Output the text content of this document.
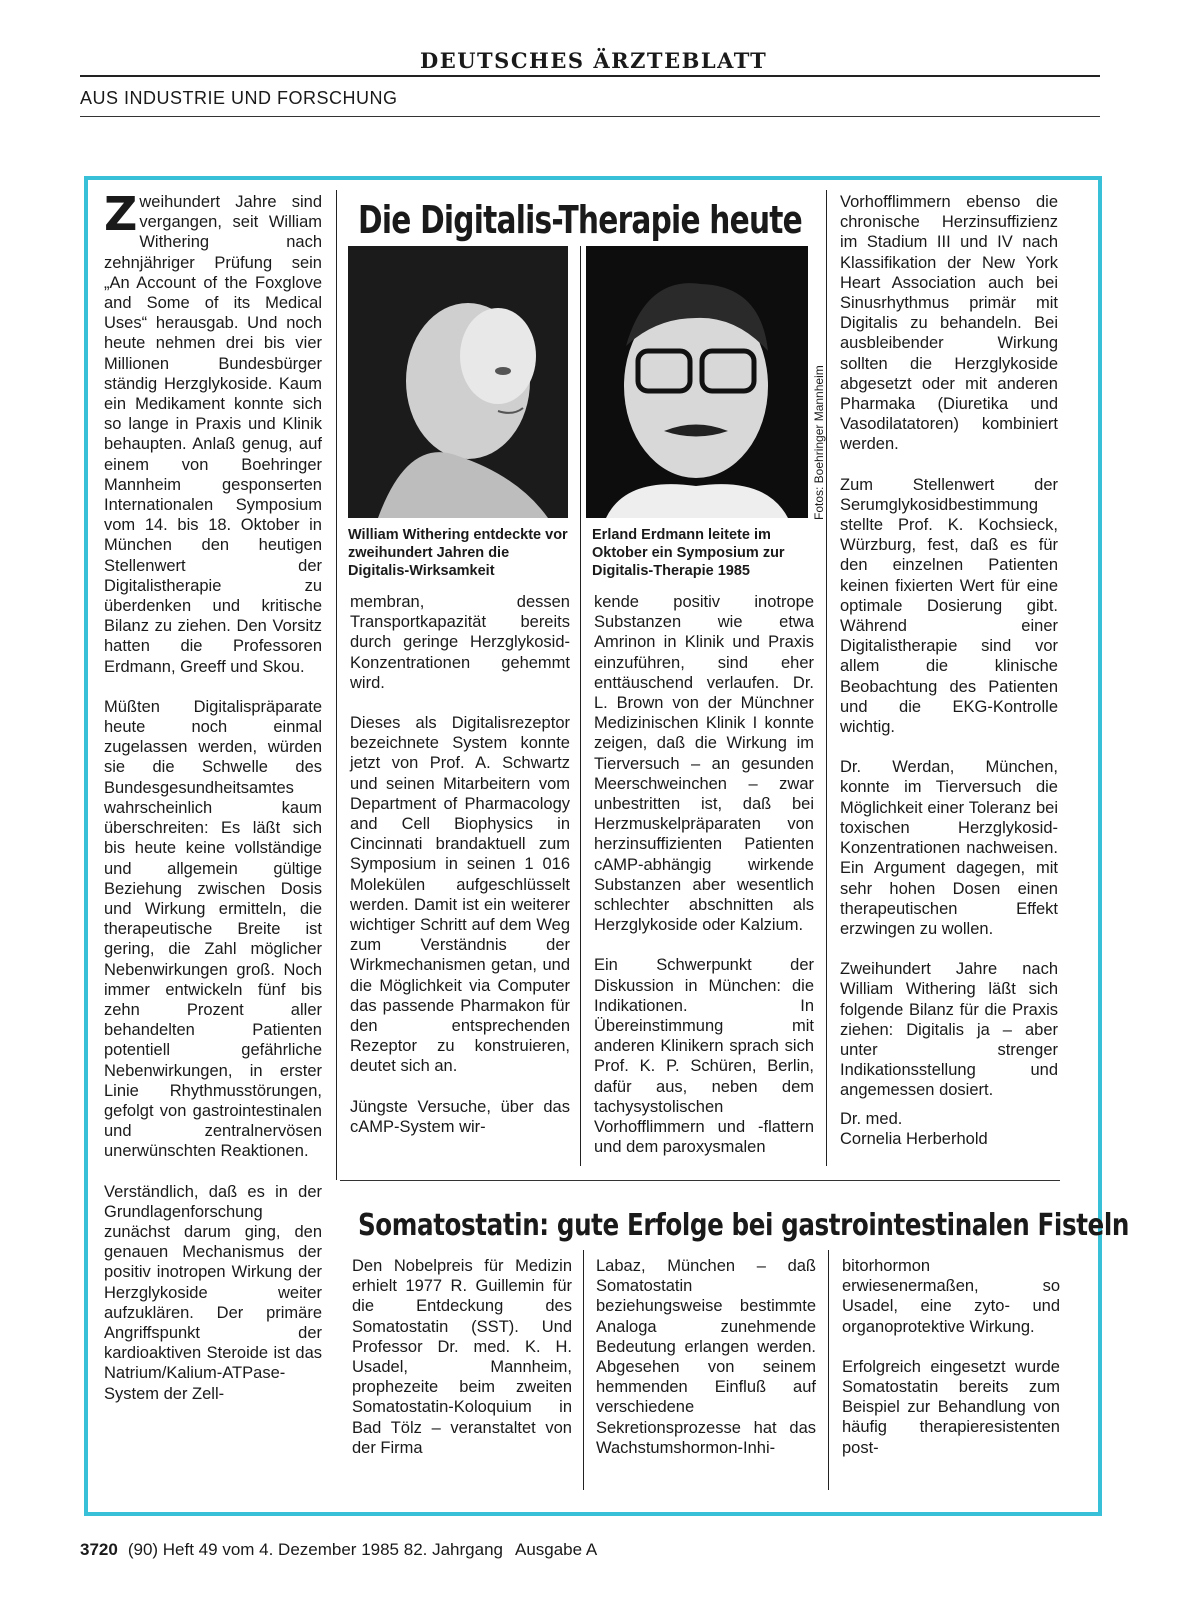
DEUTSCHES ÄRZTEBLATT
AUS INDUSTRIE UND FORSCHUNG

Zweihundert Jahre sind vergangen, seit William Withering nach zehnjähriger Prüfung sein „An Account of the Foxglove and Some of its Medical Uses“ herausgab. Und noch heute nehmen drei bis vier Millionen Bundesbürger ständig Herzglykoside. Kaum ein Medikament konnte sich so lange in Praxis und Klinik behaupten. Anlaß genug, auf einem von Boehringer Mannheim gesponserten Internationalen Symposium vom 14. bis 18. Oktober in München den heutigen Stellenwert der Digitalistherapie zu überdenken und kritische Bilanz zu ziehen. Den Vorsitz hatten die Professoren Erdmann, Greeff und Skou.

Müßten Digitalispräparate heute noch einmal zugelassen werden, würden sie die Schwelle des Bundesgesundheitsamtes wahrscheinlich kaum überschreiten: Es läßt sich bis heute keine vollständige und allgemein gültige Beziehung zwischen Dosis und Wirkung ermitteln, die therapeutische Breite ist gering, die Zahl möglicher Nebenwirkungen groß. Noch immer entwickeln fünf bis zehn Prozent aller behandelten Patienten potentiell gefährliche Nebenwirkungen, in erster Linie Rhythmusstörungen, gefolgt von gastrointestinalen und zentralnervösen unerwünschten Reaktionen.

Verständlich, daß es in der Grundlagenforschung zunächst darum ging, den genauen Mechanismus der positiv inotropen Wirkung der Herzglykoside weiter aufzuklären. Der primäre Angriffspunkt der kardioaktiven Steroide ist das Natrium/Kalium-ATPase-System der Zell-

Die Digitalis-Therapie heute
Fotos: Boehringer Mannheim
William Withering entdeckte vor zweihundert Jahren die Digitalis-Wirksamkeit
Erland Erdmann leitete im Oktober ein Symposium zur Digitalis-Therapie 1985

membran, dessen Transportkapazität bereits durch geringe Herzglykosid-Konzentrationen gehemmt wird.

Dieses als Digitalisrezeptor bezeichnete System konnte jetzt von Prof. A. Schwartz und seinen Mitarbeitern vom Department of Pharmacology and Cell Biophysics in Cincinnati brandaktuell zum Symposium in seinen 1 016 Molekülen aufgeschlüsselt werden. Damit ist ein weiterer wichtiger Schritt auf dem Weg zum Verständnis der Wirkmechanismen getan, und die Möglichkeit via Computer das passende Pharmakon für den entsprechenden Rezeptor zu konstruieren, deutet sich an.

Jüngste Versuche, über das cAMP-System wir-

kende positiv inotrope Substanzen wie etwa Amrinon in Klinik und Praxis einzuführen, sind eher enttäuschend verlaufen. Dr. L. Brown von der Münchner Medizinischen Klinik I konnte zeigen, daß die Wirkung im Tierversuch – an gesunden Meerschweinchen – zwar unbestritten ist, daß bei Herzmuskelpräparaten von herzinsuffizienten Patienten cAMP-abhängig wirkende Substanzen aber wesentlich schlechter abschnitten als Herzglykoside oder Kalzium.

Ein Schwerpunkt der Diskussion in München: die Indikationen. In Übereinstimmung mit anderen Klinikern sprach sich Prof. K. P. Schüren, Berlin, dafür aus, neben dem tachysystolischen Vorhofflimmern und -flattern und dem paroxysmalen

Vorhofflimmern ebenso die chronische Herzinsuffizienz im Stadium III und IV nach Klassifikation der New York Heart Association auch bei Sinusrhythmus primär mit Digitalis zu behandeln. Bei ausbleibender Wirkung sollten die Herzglykoside abgesetzt oder mit anderen Pharmaka (Diuretika und Vasodilatatoren) kombiniert werden.

Zum Stellenwert der Serumglykosidbestimmung stellte Prof. K. Kochsieck, Würzburg, fest, daß es für den einzelnen Patienten keinen fixierten Wert für eine optimale Dosierung gibt. Während einer Digitalistherapie sind vor allem die klinische Beobachtung des Patienten und die EKG-Kontrolle wichtig.

Dr. Werdan, München, konnte im Tierversuch die Möglichkeit einer Toleranz bei toxischen Herzglykosid-Konzentrationen nachweisen. Ein Argument dagegen, mit sehr hohen Dosen einen therapeutischen Effekt erzwingen zu wollen.

Zweihundert Jahre nach William Withering läßt sich folgende Bilanz für die Praxis ziehen: Digitalis ja – aber unter strenger Indikationsstellung und angemessen dosiert.

Dr. med.
Cornelia Herberhold
Somatostatin: gute Erfolge bei gastrointestinalen Fisteln

Den Nobelpreis für Medizin erhielt 1977 R. Guillemin für die Entdeckung des Somatostatin (SST). Und Professor Dr. med. K. H. Usadel, Mannheim, prophezeite beim zweiten Somatostatin-Koloquium in Bad Tölz – veranstaltet von der Firma

Labaz, München – daß Somatostatin beziehungsweise bestimmte Analoga zunehmende Bedeutung erlangen werden. Abgesehen von seinem hemmenden Einfluß auf verschiedene Sekretionsprozesse hat das Wachstumshormon-Inhi-

bitorhormon erwiesenermaßen, so Usadel, eine zyto- und organoprotektive Wirkung.

Erfolgreich eingesetzt wurde Somatostatin bereits zum Beispiel zur Behandlung von häufig therapieresistenten post-

3720 (90) Heft 49 vom 4. Dezember 1985 82. Jahrgang Ausgabe A
